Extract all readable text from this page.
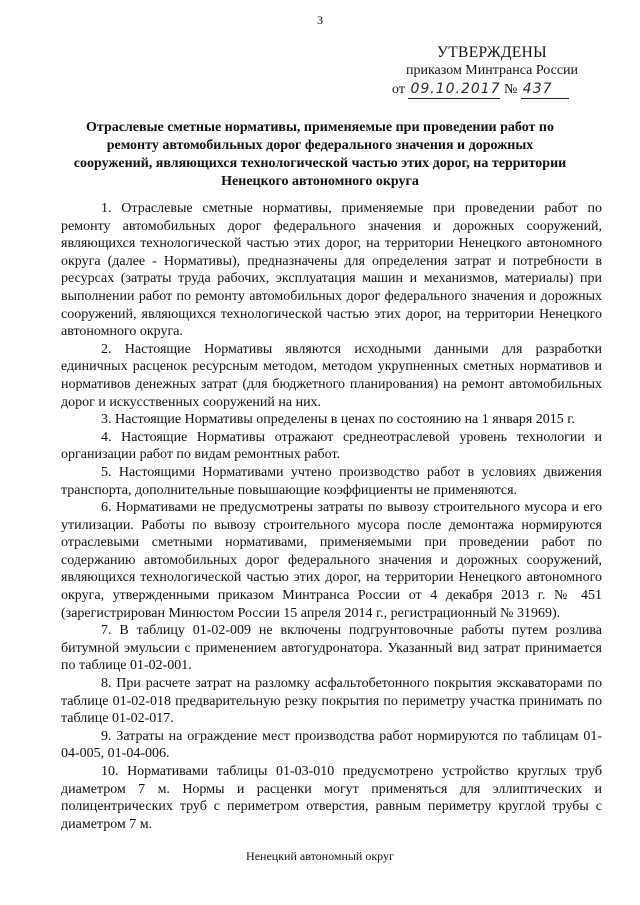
3
УТВЕРЖДЕНЫ
приказом Минтранса России
от 09.10.2017 № 437
Отраслевые сметные нормативы, применяемые при проведении работ по ремонту автомобильных дорог федерального значения и дорожных сооружений, являющихся технологической частью этих дорог, на территории Ненецкого автономного округа

1. Отраслевые сметные нормативы, применяемые при проведении работ по ремонту автомобильных дорог федерального значения и дорожных сооружений, являющихся технологической частью этих дорог, на территории Ненецкого автономного округа (далее - Нормативы), предназначены для определения затрат и потребности в ресурсах (затраты труда рабочих, эксплуатация машин и механизмов, материалы) при выполнении работ по ремонту автомобильных дорог федерального значения и дорожных сооружений, являющихся технологической частью этих дорог, на территории Ненецкого автономного округа.

2. Настоящие Нормативы являются исходными данными для разработки единичных расценок ресурсным методом, методом укрупненных сметных нормативов и нормативов денежных затрат (для бюджетного планирования) на ремонт автомобильных дорог и искусственных сооружений на них.

3. Настоящие Нормативы определены в ценах по состоянию на 1 января 2015 г.

4. Настоящие Нормативы отражают среднеотраслевой уровень технологии и организации работ по видам ремонтных работ.

5. Настоящими Нормативами учтено производство работ в условиях движения транспорта, дополнительные повышающие коэффициенты не применяются.

6. Нормативами не предусмотрены затраты по вывозу строительного мусора и его утилизации. Работы по вывозу строительного мусора после демонтажа нормируются отраслевыми сметными нормативами, применяемыми при проведении работ по содержанию автомобильных дорог федерального значения и дорожных сооружений, являющихся технологической частью этих дорог, на территории Ненецкого автономного округа, утвержденными приказом Минтранса России от 4 декабря 2013 г. № 451 (зарегистрирован Минюстом России 15 апреля 2014 г., регистрационный № 31969).

7. В таблицу 01-02-009 не включены подгрунтовочные работы путем розлива битумной эмульсии с применением автогудронатора. Указанный вид затрат принимается по таблице 01-02-001.

8. При расчете затрат на разломку асфальтобетонного покрытия экскаваторами по таблице 01-02-018 предварительную резку покрытия по периметру участка принимать по таблице 01-02-017.

9. Затраты на ограждение мест производства работ нормируются по таблицам 01-04-005, 01-04-006.

10. Нормативами таблицы 01-03-010 предусмотрено устройство круглых труб диаметром 7 м. Нормы и расценки могут применяться для эллиптических и полицентрических труб с периметром отверстия, равным периметру круглой трубы с диаметром 7 м.

Ненецкий автономный округ
